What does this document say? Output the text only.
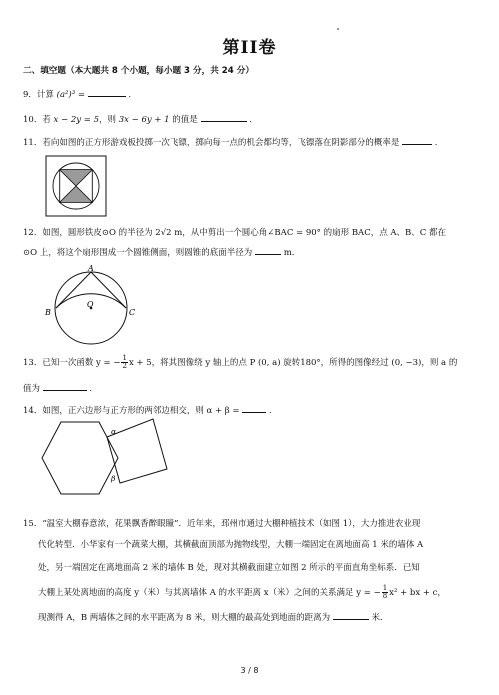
第II卷
二、填空题（本大题共 8 个小题，每小题 3 分，共 24 分）
9．计算 (a²)³ =	.
10．若 x − 2y = 5，则 3x − 6y + 1 的值是	.
11．若向如图的正方形游戏板投掷一次飞镖，掷向每一点的机会都均等，飞镖落在阴影部分的概率是	.
12．如图，圆形铁皮⊙O 的半径为 2√2 m，从中剪出一个圆心角∠BAC = 90° 的扇形 BAC，点 A、B、C 都在
⊙O 上，将这个扇形围成一个圆锥侧面，则圆锥的底面半径为	m．
A
O
B	C
13．已知一次函数 y = − $\frac{1}{2}$ x + 5，将其图像绕 y 轴上的点 P (0, a) 旋转180°，所得的图像经过 (0, −3)，则 a 的
值为	.
14．如图，正六边形与正方形的两邻边相交，则 α + β =	.
α
β
15．“温室大棚春意浓，花果飘香醉眼瞳”．近年来，邳州市通过大棚种植技术（如图 1），大力推进农业现
代化转型．小华家有一个蔬菜大棚，其横截面顶部为抛物线型，大棚一端固定在离地面高 1 米的墙体 A
处，另一端固定在离地面高 2 米的墙体 B 处，现对其横截面建立如图 2 所示的平面直角坐标系．已知
大棚上某处离地面的高度 y（米）与其离墙体 A 的水平距离 x（米）之间的关系满足 y = − $\frac{1}{8} x^2$ + bx + c，
现测得 A，B 两墙体之间的水平距离为 8 米，则大棚的最高处到地面的距离为	米．
3 / 8
